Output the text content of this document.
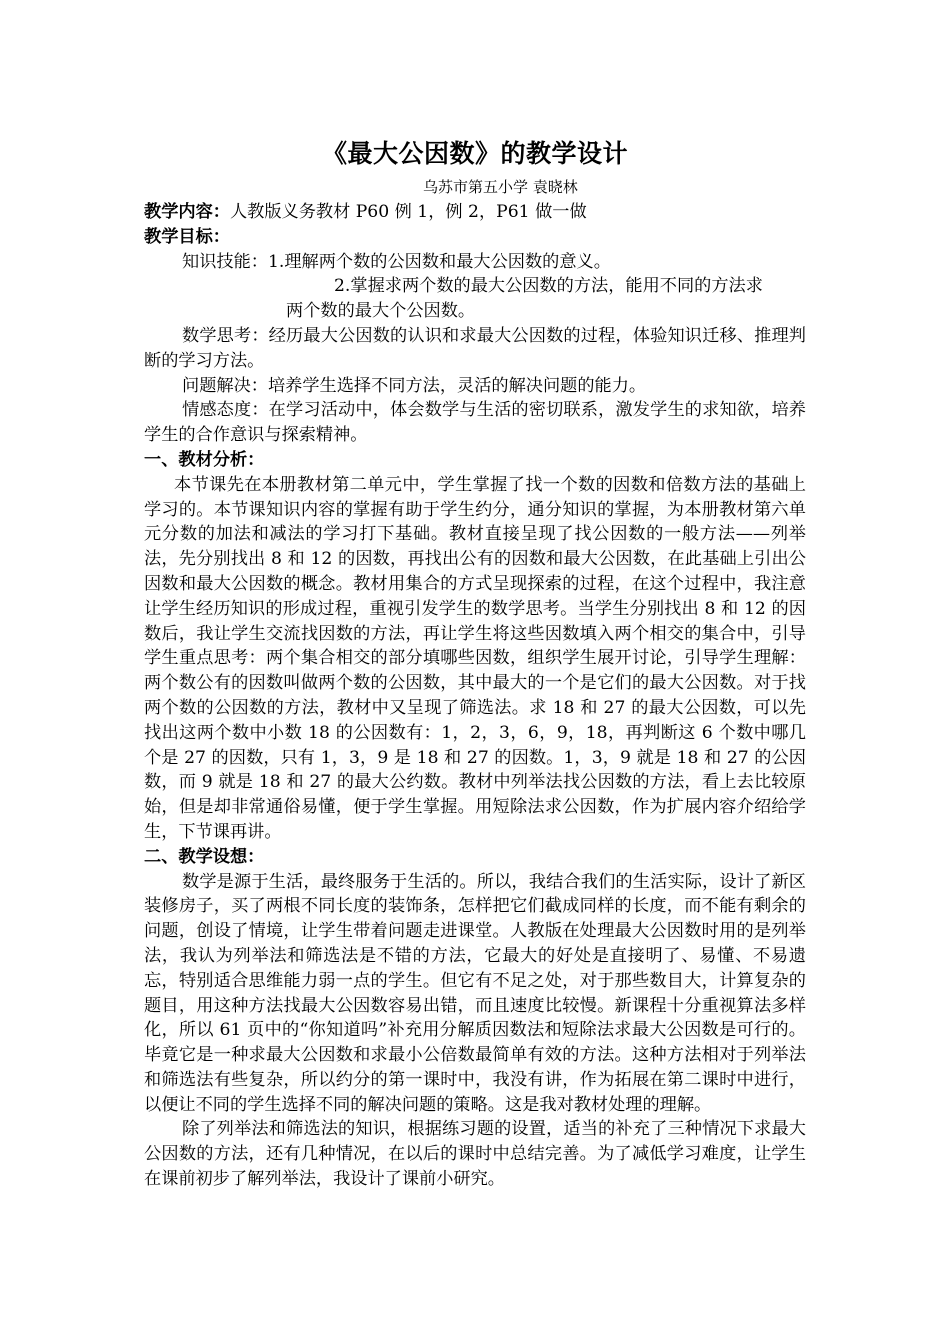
《最大公因数》的教学设计
乌苏市第五小学 袁晓林

教学内容：人教版义务教材 P60 例 1，例 2，P61 做一做

教学目标：

知识技能：1.理解两个数的公因数和最大公因数的意义。

2.掌握求两个数的最大公因数的方法，能用不同的方法求

两个数的最大个公因数。

数学思考：经历最大公因数的认识和求最大公因数的过程，体验知识迁移、推理判断的学习方法。

问题解决：培养学生选择不同方法，灵活的解决问题的能力。

情感态度：在学习活动中，体会数学与生活的密切联系，激发学生的求知欲，培养学生的合作意识与探索精神。

一、教材分析：

本节课先在本册教材第二单元中，学生掌握了找一个数的因数和倍数方法的基础上学习的。本节课知识内容的掌握有助于学生约分，通分知识的掌握，为本册教材第六单元分数的加法和减法的学习打下基础。教材直接呈现了找公因数的一般方法——列举法，先分别找出 8 和 12 的因数，再找出公有的因数和最大公因数，在此基础上引出公因数和最大公因数的概念。教材用集合的方式呈现探索的过程，在这个过程中，我注意让学生经历知识的形成过程，重视引发学生的数学思考。当学生分别找出 8 和 12 的因数后，我让学生交流找因数的方法，再让学生将这些因数填入两个相交的集合中，引导学生重点思考：两个集合相交的部分填哪些因数，组织学生展开讨论，引导学生理解：两个数公有的因数叫做两个数的公因数，其中最大的一个是它们的最大公因数。对于找两个数的公因数的方法，教材中又呈现了筛选法。求 18 和 27 的最大公因数，可以先找出这两个数中小数 18 的公因数有：1，2，3，6，9，18，再判断这 6 个数中哪几个是 27 的因数，只有 1，3，9 是 18 和 27 的因数。1，3，9 就是 18 和 27 的公因数，而 9 就是 18 和 27 的最大公约数。教材中列举法找公因数的方法，看上去比较原始，但是却非常通俗易懂，便于学生掌握。用短除法求公因数，作为扩展内容介绍给学生，下节课再讲。

二、教学设想：

数学是源于生活，最终服务于生活的。所以，我结合我们的生活实际，设计了新区装修房子，买了两根不同长度的装饰条，怎样把它们截成同样的长度，而不能有剩余的问题，创设了情境，让学生带着问题走进课堂。人教版在处理最大公因数时用的是列举法，我认为列举法和筛选法是不错的方法，它最大的好处是直接明了、易懂、不易遗忘，特别适合思维能力弱一点的学生。但它有不足之处，对于那些数目大，计算复杂的题目，用这种方法找最大公因数容易出错，而且速度比较慢。新课程十分重视算法多样化，所以 61 页中的“你知道吗”补充用分解质因数法和短除法求最大公因数是可行的。毕竟它是一种求最大公因数和求最小公倍数最简单有效的方法。这种方法相对于列举法和筛选法有些复杂，所以约分的第一课时中，我没有讲，作为拓展在第二课时中进行，以便让不同的学生选择不同的解决问题的策略。这是我对教材处理的理解。

除了列举法和筛选法的知识，根据练习题的设置，适当的补充了三种情况下求最大公因数的方法，还有几种情况，在以后的课时中总结完善。为了减低学习难度，让学生在课前初步了解列举法，我设计了课前小研究。
